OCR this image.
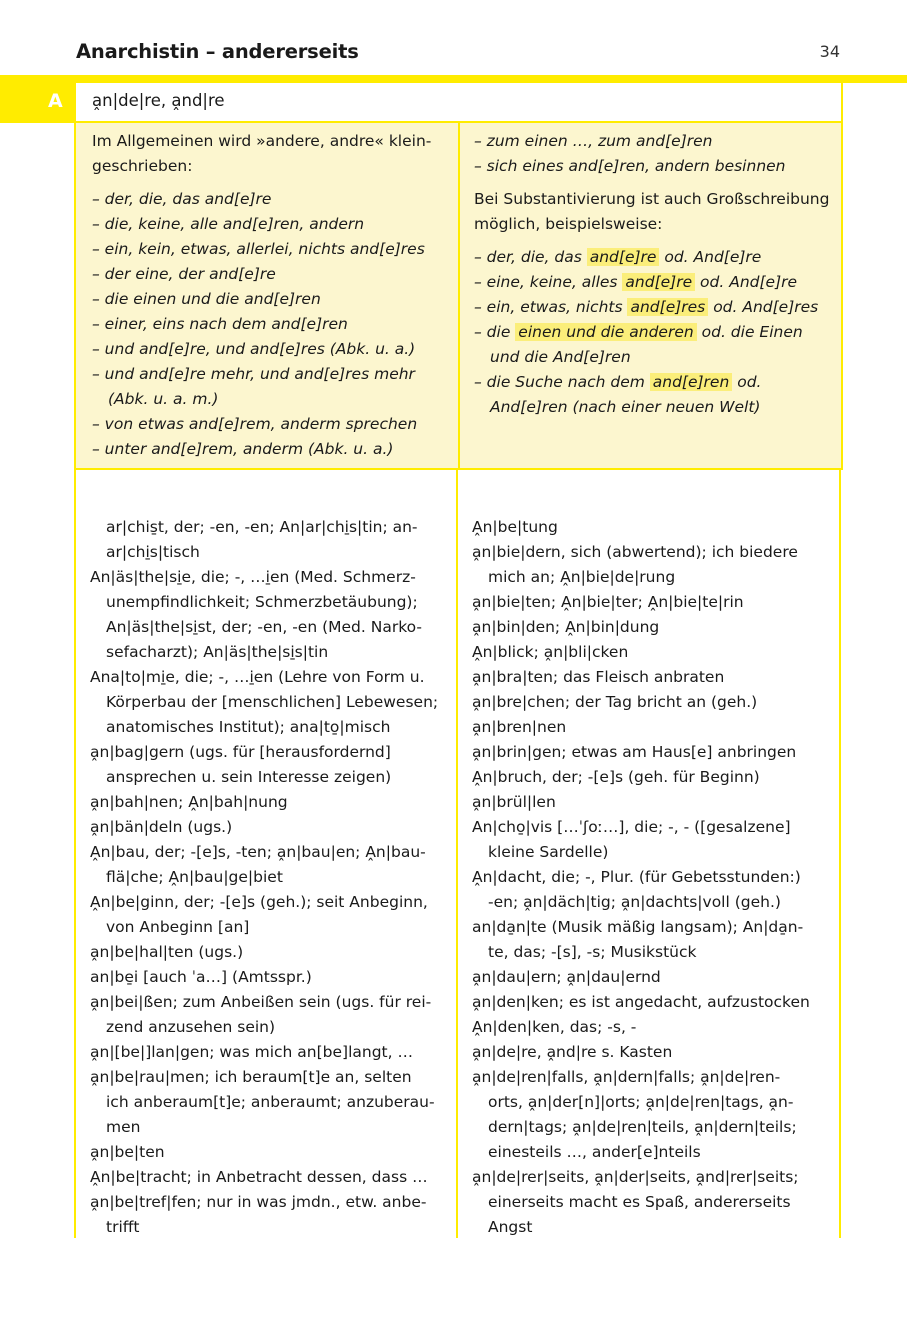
Anarchistin – andererseits	34
A a̭n|de|re, a̭nd|re
Im Allgemeinen wird »andere, andre« klein-
geschrieben:
– der, die, das and[e]re
– die, keine, alle and[e]ren, andern
– ein, kein, etwas, allerlei, nichts and[e]res
– der eine, der and[e]re
– die einen und die and[e]ren
– einer, eins nach dem and[e]ren
– und and[e]re, und and[e]res (Abk. u. a.)
– und and[e]re mehr, und and[e]res mehr
(Abk. u. a. m.)
– von etwas and[e]rem, anderm sprechen
– unter and[e]rem, anderm (Abk. u. a.)
– zum einen …, zum and[e]ren
– sich eines and[e]ren, andern besinnen
Bei Substantivierung ist auch Großschreibung
möglich, beispielsweise:
– der, die, das and[e]re od. And[e]re
– eine, keine, alles and[e]re od. And[e]re
– ein, etwas, nichts and[e]res od. And[e]res
– die einen und die anderen od. die Einen
und die And[e]ren
– die Suche nach dem and[e]ren od.
And[e]ren (nach einer neuen Welt)
ar|chis̱t, der; -en, -en; An|ar|chi̱s|tin; an-
ar|chi̱s|tisch
An|äs|the|si̱e, die; -, …i̱en (Med. Schmerz-
unempfindlichkeit; Schmerzbetäubung);
An|äs|the|si̱st, der; -en, -en (Med. Narko-
sefacharzt); An|äs|the|si̱s|tin
Ana|to|mi̱e, die; -, …i̱en (Lehre von Form u.
Körperbau der [menschlichen] Lebewesen;
anatomisches Institut); ana|to̱|misch
a̭n|bag|gern (ugs. für [herausfordernd]
ansprechen u. sein Interesse zeigen)
a̭n|bah|nen; A̭n|bah|nung
a̭n|bän|deln (ugs.)
A̭n|bau, der; -[e]s, -ten; a̭n|bau|en; A̭n|bau-
flä|che; A̭n|bau|ge|biet
A̭n|be|ginn, der; -[e]s (geh.); seit Anbeginn,
von Anbeginn [an]
a̭n|be|hal|ten (ugs.)
an|be̱i [auch ˈa…] (Amtsspr.)
a̭n|bei|ßen; zum Anbeißen sein (ugs. für rei-
zend anzusehen sein)
a̭n|[be|]lan|gen; was mich an[be]langt, …
a̭n|be|rau|men; ich beraum[t]e an, selten
ich anberaum[t]e; anberaumt; anzuberau-
men
a̭n|be|ten
A̭n|be|tracht; in Anbetracht dessen, dass …
a̭n|be|tref|fen; nur in was jmdn., etw. anbe-
trifft
A̭n|be|tung
a̭n|bie|dern, sich (abwertend); ich biedere
mich an; A̭n|bie|de|rung
a̭n|bie|ten; A̭n|bie|ter; A̭n|bie|te|rin
a̭n|bin|den; A̭n|bin|dung
A̭n|blick; a̭n|bli|cken
a̭n|bra|ten; das Fleisch anbraten
a̭n|bre|chen; der Tag bricht an (geh.)
a̭n|bren|nen
a̭n|brin|gen; etwas am Haus[e] anbringen
A̭n|bruch, der; -[e]s (geh. für Beginn)
a̭n|brül|len
An|cho̱|vis […ˈʃoː…], die; -, - ([gesalzene]
kleine Sardelle)
A̭n|dacht, die; -, Plur. (für Gebetsstunden:)
-en; a̭n|däch|tig; a̭n|dachts|voll (geh.)
an|da̱n|te (Musik mäßig langsam); An|da̱n-
te, das; -[s], -s; Musikstück
a̭n|dau|ern; a̭n|dau|ernd
a̭n|den|ken; es ist angedacht, aufzustocken
A̭n|den|ken, das; -s, -
a̭n|de|re, a̭nd|re s. Kasten
a̭n|de|ren|falls, a̭n|dern|falls; a̭n|de|ren-
orts, a̭n|der[n]|orts; a̭n|de|ren|tags, a̭n-
dern|tags; a̭n|de|ren|teils, a̭n|dern|teils;
einesteils …, ander[e]nteils
a̭n|de|rer|seits, a̭n|der|seits, a̭nd|rer|seits;
einerseits macht es Spaß, andererseits
Angst
